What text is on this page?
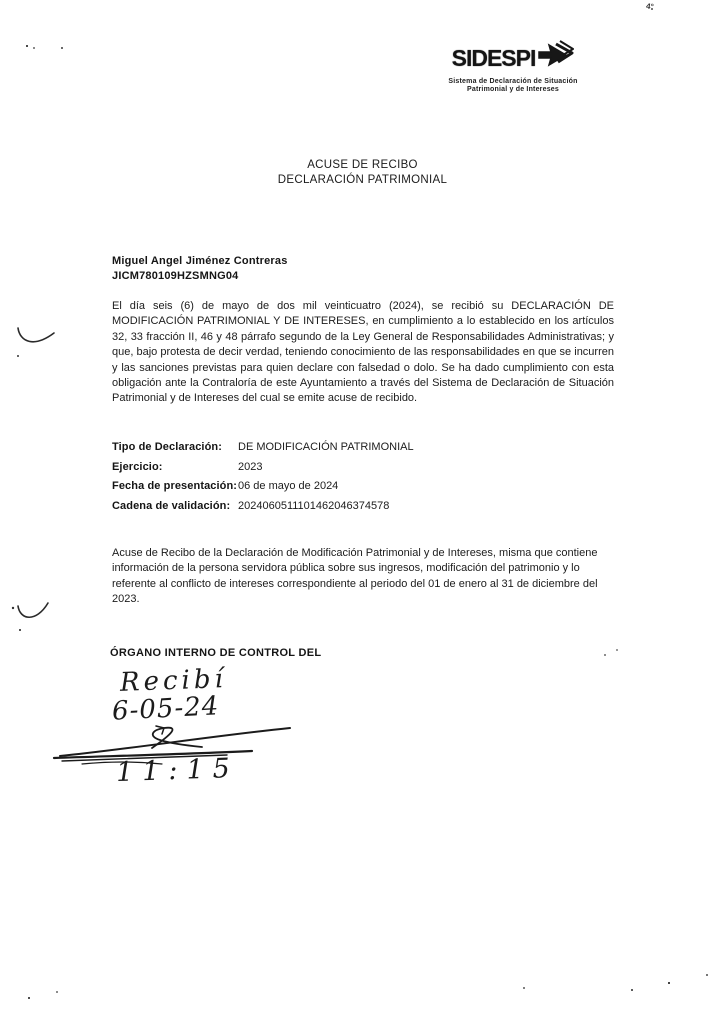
4°
SIDESPI
Sistema de Declaración de Situación
Patrimonial y de Intereses
ACUSE DE RECIBO
DECLARACIÓN PATRIMONIAL
Miguel Angel Jiménez Contreras
JICM780109HZSMNG04
El día seis (6) de mayo de dos mil veinticuatro (2024), se recibió su DECLARACIÓN DE MODIFICACIÓN PATRIMONIAL Y DE INTERESES, en cumplimiento a lo establecido en los artículos 32, 33 fracción II, 46 y 48 párrafo segundo de la Ley General de Responsabilidades Administrativas; y que, bajo protesta de decir verdad, teniendo conocimiento de las responsabilidades en que se incurren y las sanciones previstas para quien declare con falsedad o dolo. Se ha dado cumplimiento con esta obligación ante la Contraloría de este Ayuntamiento a través del Sistema de Declaración de Situación Patrimonial y de Intereses del cual se emite acuse de recibido.
Tipo de Declaración:	DE MODIFICACIÓN PATRIMONIAL
Ejercicio:	2023
Fecha de presentación: 06 de mayo de 2024
Cadena de validación: 2024060511101462046374578
Acuse de Recibo de la Declaración de Modificación Patrimonial y de Intereses, misma que contiene información de la persona servidora pública sobre sus ingresos, modificación del patrimonio y lo referente al conflicto de intereses correspondiente al periodo del 01 de enero al 31 de diciembre del 2023.
ÓRGANO INTERNO DE CONTROL DEL
Recibí
6-05-24
11:15
